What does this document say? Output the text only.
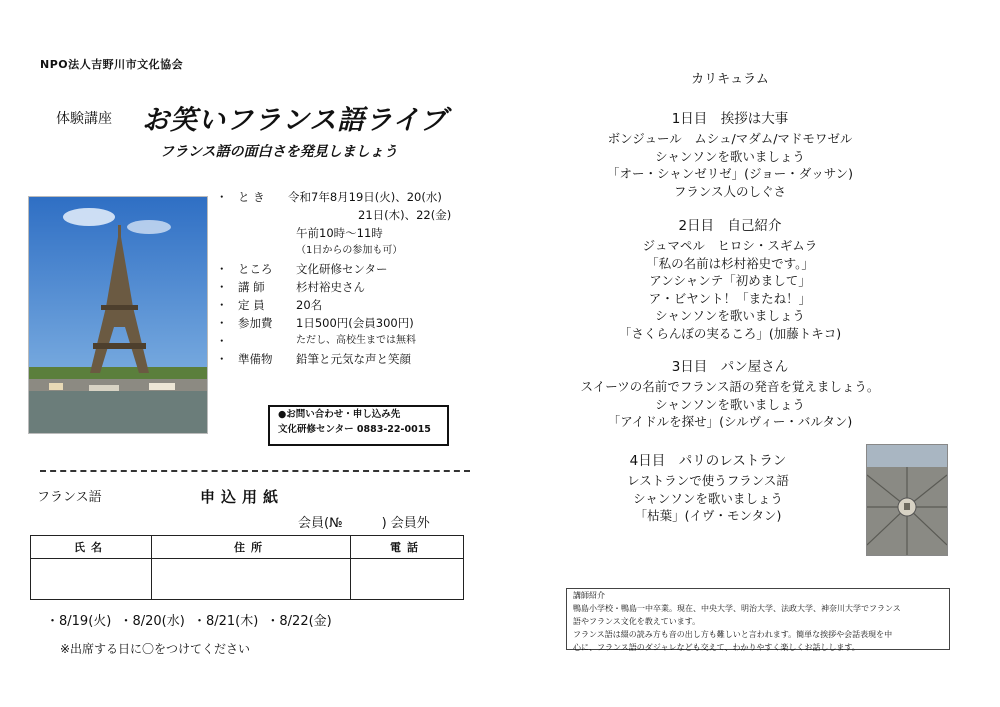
NPO法人吉野川市文化協会
体験講座 お笑いフランス語ライブ
フランス語の面白さを発見しましょう
・ と き 令和7年8月19日(火)、20(水)
21日(木)、22(金)
午前10時～11時
（1日からの参加も可）
・ ところ 文化研修センター
・ 講 師	杉村裕史さん
・ 定 員	20名
・ 参加費 1日500円(会員300円)
・	ただし、高校生までは無料
・ 準備物 鉛筆と元気な声と笑顔
●お問い合わせ・申し込み先
文化研修センター 0883-22-0015
フランス語	申込用紙
会員(№　　　) 会員外
氏名	住所	電話

・8/19(火) ・8/20(水) ・8/21(木) ・8/22(金)
※出席する日に〇をつけてください
カリキュラム
1日目　挨拶は大事
ボンジュール　ムシュ/マダム/マドモワゼル
シャンソンを歌いましょう
「オー・シャンゼリゼ」(ジョー・ダッサン)
フランス人のしぐさ
2日目　自己紹介
ジュマペル　ヒロシ・スギムラ
「私の名前は杉村裕史です。」
アンシャンテ「初めまして」
ア・ビヤント！「またね！」
シャンソンを歌いましょう
「さくらんぼの実るころ」(加藤トキコ)
3日目　パン屋さん
スイーツの名前でフランス語の発音を覚えましょう。
シャンソンを歌いましょう
「アイドルを探せ」(シルヴィー・バルタン)
4日目　パリのレストラン
レストランで使うフランス語
シャンソンを歌いましょう
「枯葉」(イヴ・モンタン)
講師紹介
鴨島小学校・鴨島一中卒業。現在、中央大学、明治大学、法政大学、神奈川大学でフランス
語やフランス文化を教えています。
フランス語は綴の読み方も音の出し方も難しいと言われます。簡単な挨拶や会話表現を中
心に、フランス語のダジャレなども交えて、わかりやすく楽しくお話しします。
